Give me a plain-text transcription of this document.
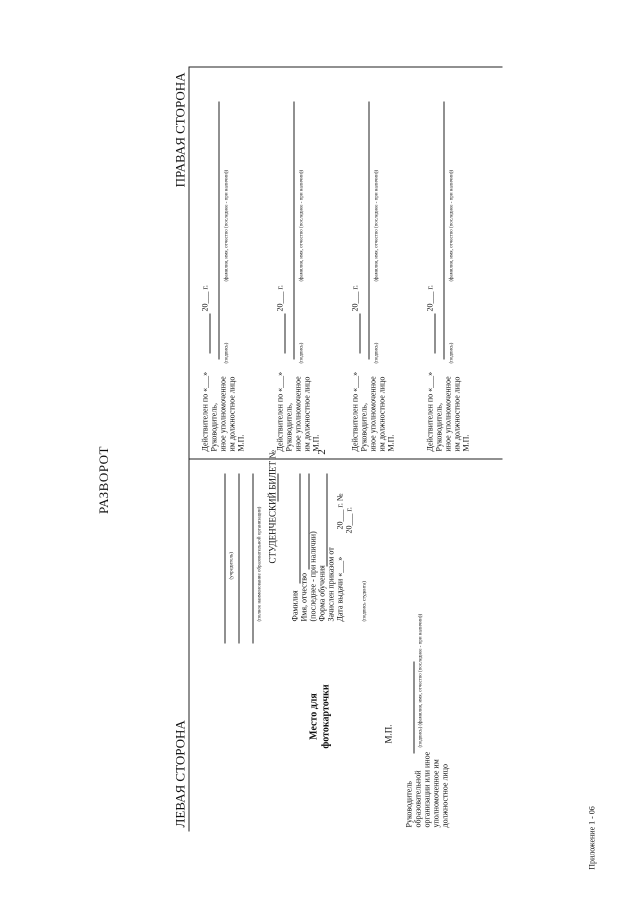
2
РАЗВОРОТ
Приложение 1 - 06
ЛЕВАЯ СТОРОНА
ПРАВАЯ СТОРОНА
Место для фотокарточки	М.П.
Руководитель образовательной организации или иное уполномоченное им должностное лицо
(подпись) (фамилия, имя, отчество (последнее - при наличии))
(учредитель)	(полное наименование образовательной организации) СТУДЕНЧЕСКИЙ БИЛЕТ №
Фамилия Имя, отчество (последнее - при наличии) Форма обучения Зачислен приказом от Дата выдачи «___»
20___ г. № 20___ г.
(подпись студента)
Действителен по «___» Руководитель, иное уполномоченное им должностное лицо М.П.
20___ г.
(подпись)
(фамилия, имя, отчество (последнее - при наличии))
Действителен по «___» Руководитель, иное уполномоченное им должностное лицо М.П.
20___ г.
(подпись)
(фамилия, имя, отчество (последнее - при наличии))
Действителен по «___» Руководитель, иное уполномоченное им должностное лицо М.П.
20___ г.
(подпись)
(фамилия, имя, отчество (последнее - при наличии))
Действителен по «___» Руководитель, иное уполномоченное им должностное лицо М.П.
20___ г.
(подпись)
(фамилия, имя, отчество (последнее - при наличии))
